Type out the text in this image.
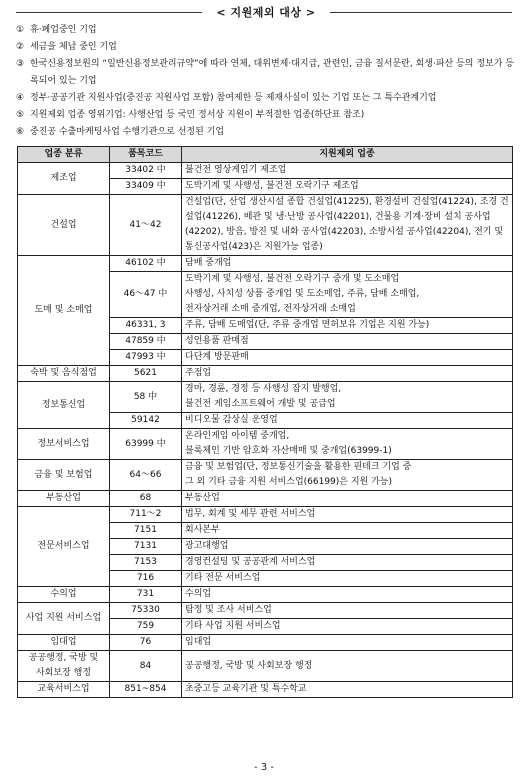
< 지원제외 대상 >
① 휴·폐업중인 기업
② 세금을 체납 중인 기업
③ 한국신용정보원의 “일반신용정보관리규약”에 따라 연체, 대위변제·대지급, 관련인, 금융 질서문란, 회생·파산 등의 정보가 등록되어 있는 기업
④ 정부·공공기관 지원사업(중진공 지원사업 포함) 참여제한 등 제재사실이 있는 기업 또는 그 특수관계기업
⑤ 지원제외 업종 영위기업: 사행산업 등 국민 정서상 지원이 부적절한 업종(하단표 참조)
⑥ 중진공 수출마케팅사업 수행기관으로 선정된 기업
업종 분류	품목코드	지원제외 업종
제조업	33402 中	불건전 영상게임기 제조업
	33409 中	도박기계 및 사행성, 불건전 오락기구 제조업
건설업	41～42	건설업(단, 산업 생산시설 종합 건설업(41225), 환경설비 건설업(41224), 조경 건설업(41226), 배관 및 냉·난방 공사업(42201), 건물용 기계·장비 설치 공사업(42202), 방음, 방진 및 내화 공사업(42203), 소방시설 공사업(42204), 전기 및 통신공사업(423)은 지원가능 업종)
도매 및 소매업	46102 中	담배 중개업
	46～47 中	도박기계 및 사행성, 불건전 오락기구 중개 및 도소매업
사행성, 사치성 상품 중개업 및 도소매업, 주류, 담배 소매업,
전자상거래 소매 중개업, 전자상거래 소매업
	46331, 3	주류, 담배 도매업(단, 주류 중개업 면허보유 기업은 지원 가능)
	47859 中	성인용품 판매점
	47993 中	다단계 방문판매
숙박 및 음식점업	5621	주점업
정보통신업	58 中	경마, 경륜, 경정 등 사행성 잡지 발행업,
불건전 게임소프트웨어 개발 및 공급업
	59142	비디오물 감상실 운영업
정보서비스업	63999 中	온라인게임 아이템 중개업,
블록체인 기반 암호화 자산매매 및 중개업(63999-1)
금융 및 보험업	64～66	금융 및 보험업(단, 정보통신기술을 활용한 핀테크 기업 중
그 외 기타 금융 지원 서비스업(66199)은 지원 가능)
부동산업	68	부동산업
전문서비스업	711～2	법무, 회계 및 세무 관련 서비스업
	7151	회사본부
	7131	광고대행업
	7153	경영컨설팅 및 공공관계 서비스업
	716	기타 전문 서비스업
수의업	731	수의업
사업 지원 서비스업	75330	탐정 및 조사 서비스업
	759	기타 사업 지원 서비스업
임대업	76	임대업
공공행정, 국방 및
사회보장 행정	84	공공행정, 국방 및 사회보장 행정
교육서비스업	851~854	초중고등 교육기관 및 특수학교
- 3 -
